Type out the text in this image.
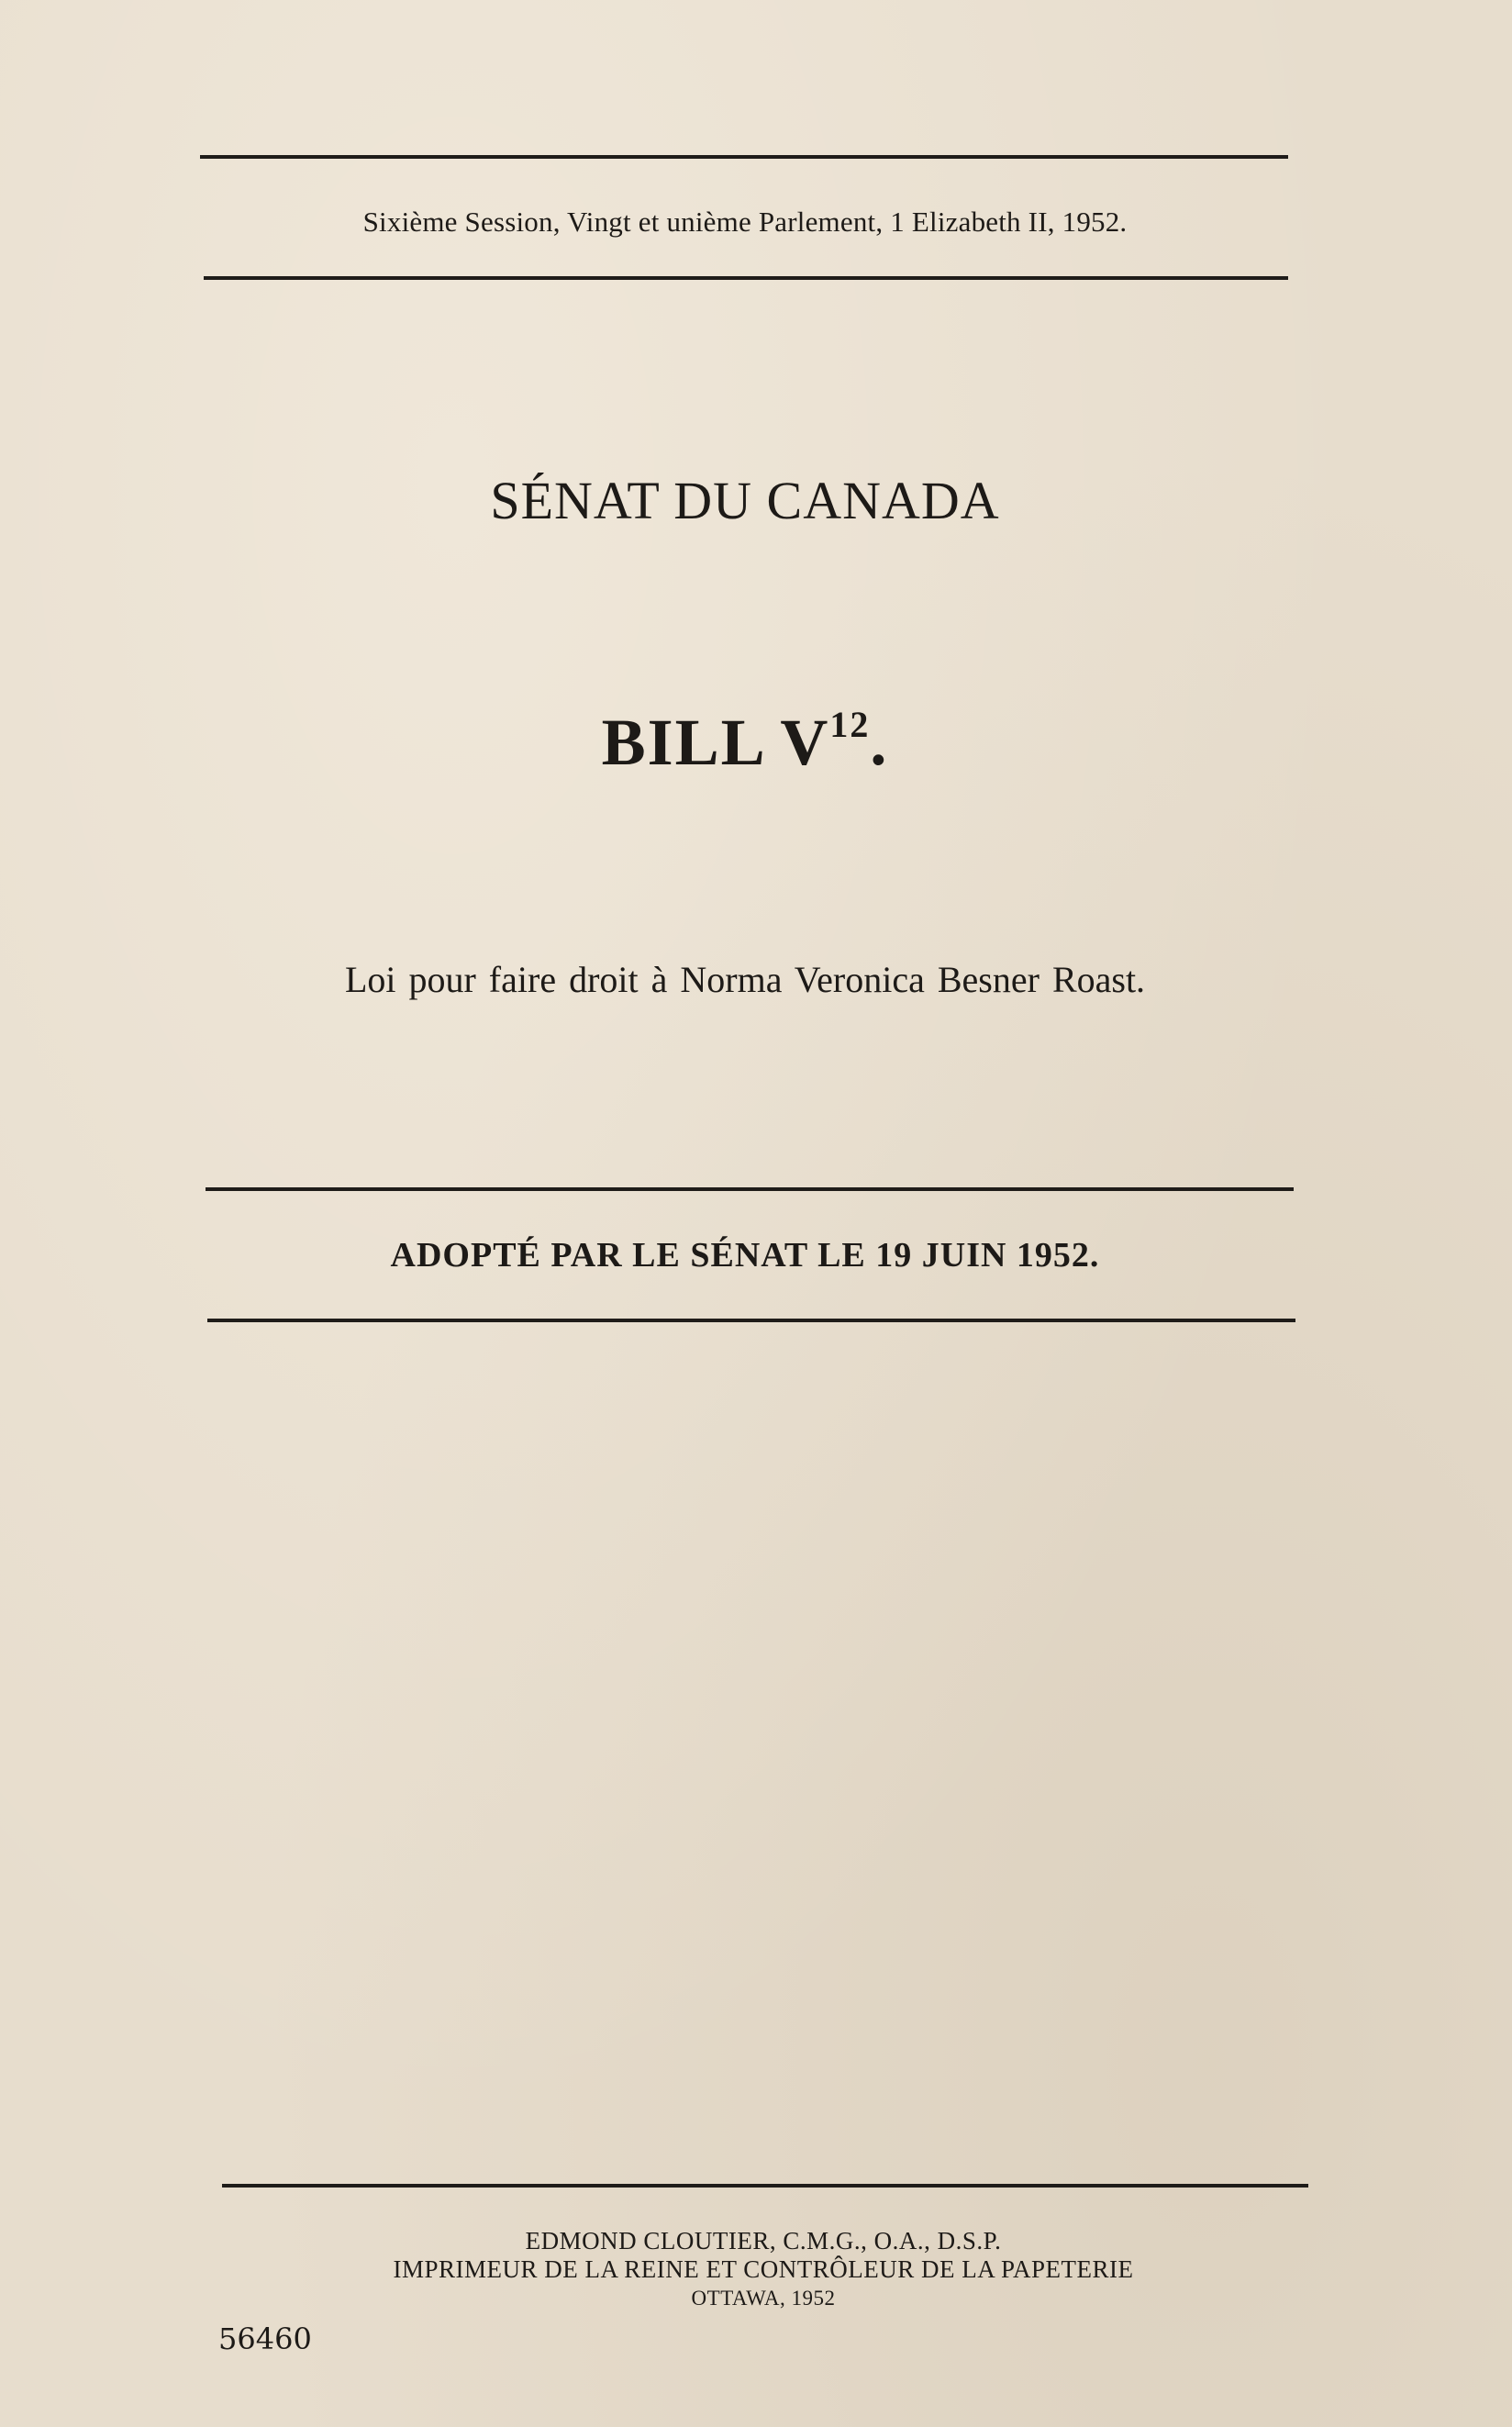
Sixième Session, Vingt et unième Parlement, 1 Elizabeth II, 1952.
SÉNAT DU CANADA
BILL $V^{12}$.
Loi pour faire droit à Norma Veronica Besner Roast.
ADOPTÉ PAR LE SÉNAT LE 19 JUIN 1952.
EDMOND CLOUTIER, C.M.G., O.A., D.S.P.
IMPRIMEUR DE LA REINE ET CONTRÔLEUR DE LA PAPETERIE
OTTAWA, 1952
56460
